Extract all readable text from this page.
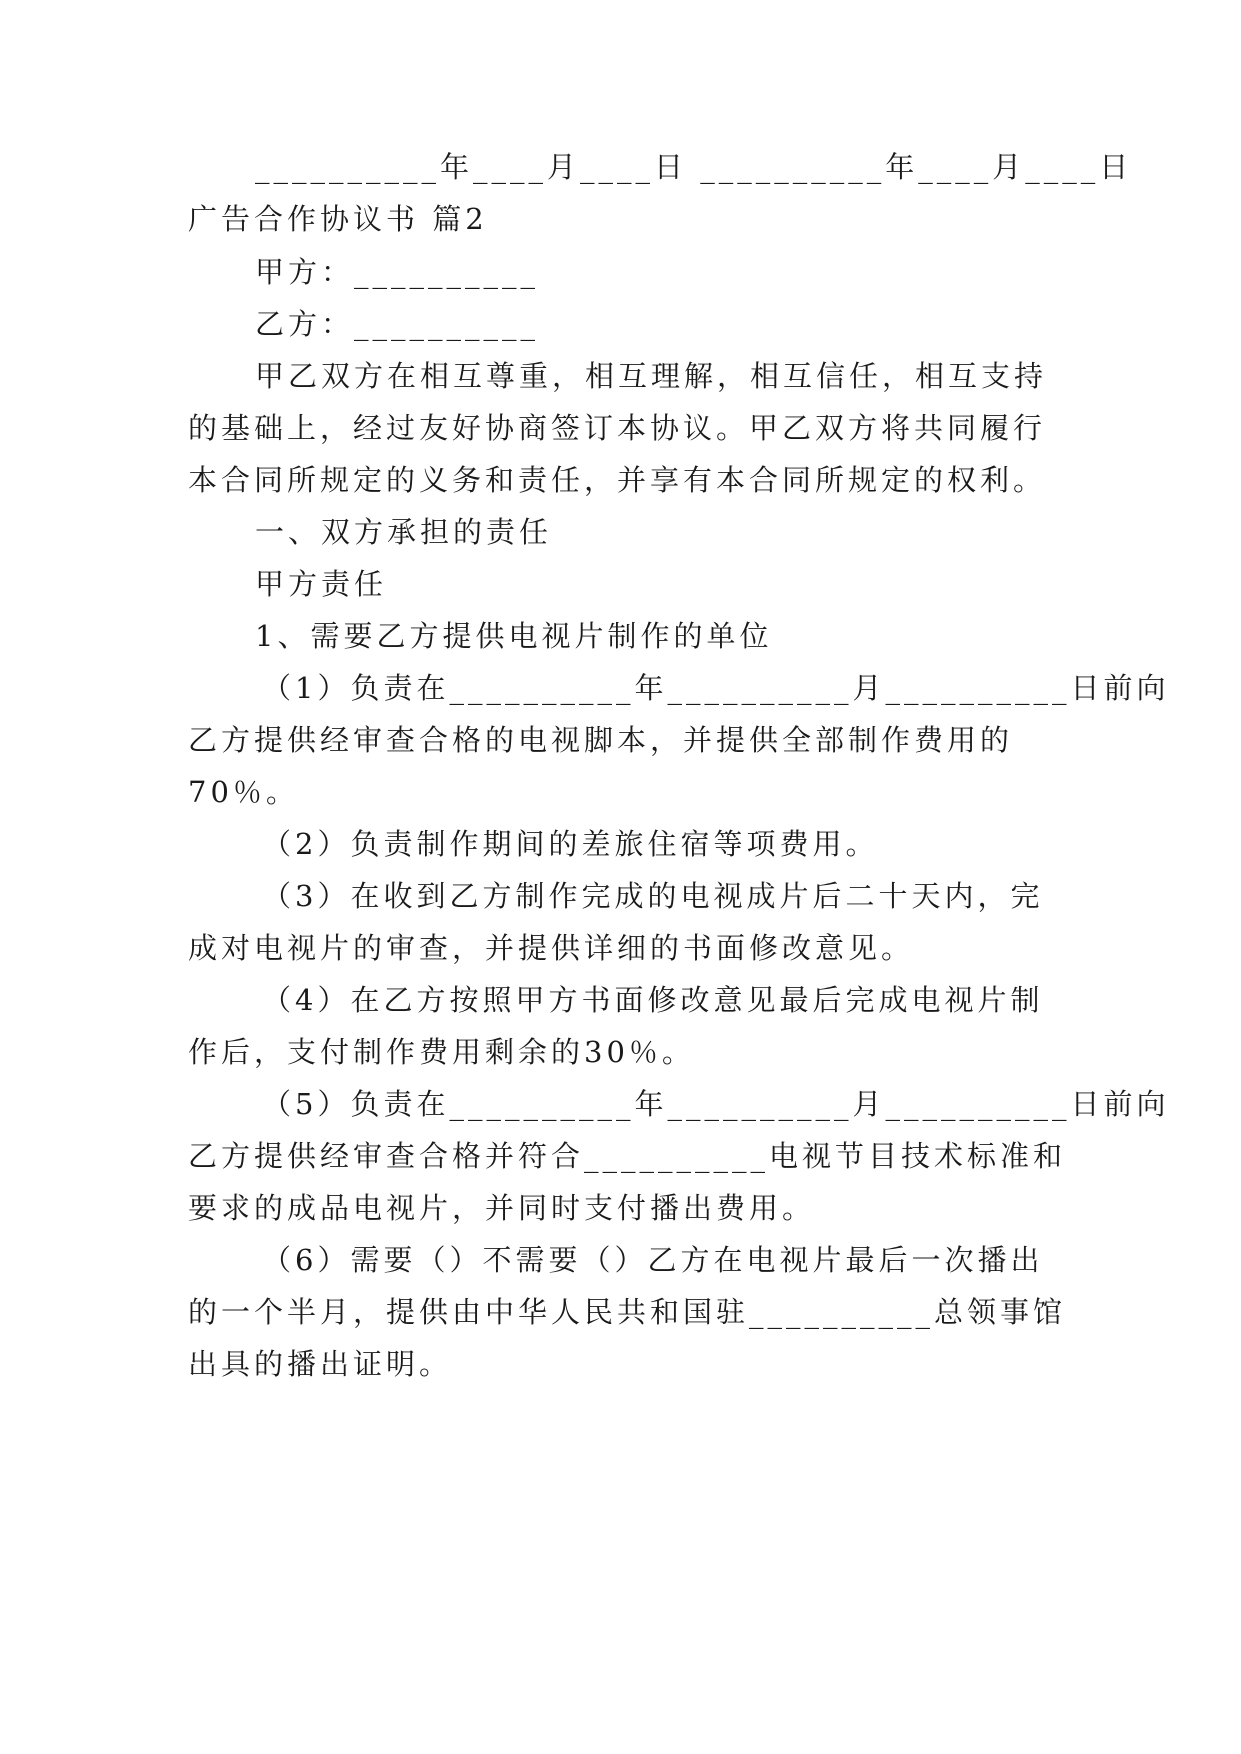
__________年____月____日 __________年____月____日
广告合作协议书 篇2
甲方：__________
乙方：__________
甲乙双方在相互尊重，相互理解，相互信任，相互支持
的基础上，经过友好协商签订本协议。甲乙双方将共同履行
本合同所规定的义务和责任，并享有本合同所规定的权利。
一、双方承担的责任
甲方责任
1、需要乙方提供电视片制作的单位
（1）负责在__________年__________月__________日前向
乙方提供经审查合格的电视脚本，并提供全部制作费用的
70％。
（2）负责制作期间的差旅住宿等项费用。
（3）在收到乙方制作完成的电视成片后二十天内，完
成对电视片的审查，并提供详细的书面修改意见。
（4）在乙方按照甲方书面修改意见最后完成电视片制
作后，支付制作费用剩余的30％。
（5）负责在__________年__________月__________日前向
乙方提供经审查合格并符合__________电视节目技术标准和
要求的成品电视片，并同时支付播出费用。
（6）需要（）不需要（）乙方在电视片最后一次播出
的一个半月，提供由中华人民共和国驻__________总领事馆
出具的播出证明。
